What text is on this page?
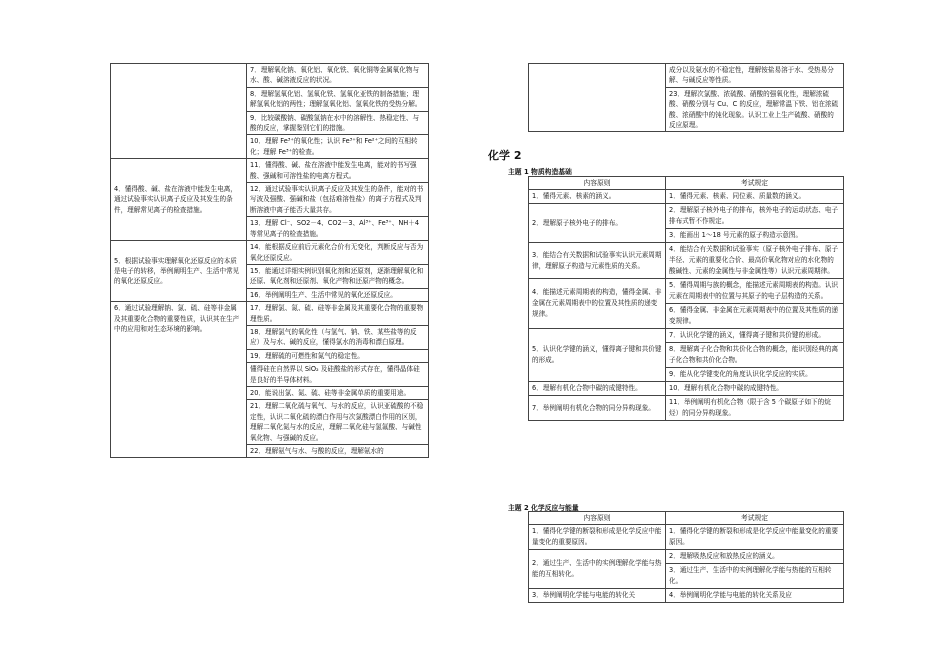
	7．理解氧化钠、氧化铝、氧化铁、氧化铜等金属氧化物与水、酸、碱溶液反应的状况。
	8．理解氢氧化铝、氢氧化铁、氢氧化亚铁的制备措施；理解氢氧化铝的两性；理解氢氧化铝、氢氧化铁的受热分解。
	9．比较碳酸钠、碳酸氢钠在水中的溶解性、热稳定性、与酸的反应，掌握鉴别它们的措施。
	10．理解 Fe³⁺的氧化性；认识 Fe³⁺和 Fe²⁺之间的互相转化；理解 Fe³⁺的检查。
4．懂得酸、碱、盐在溶液中能发生电离，通过试验事实认识离子反应及其发生的条件，理解常见离子的检查措施。	11．懂得酸、碱、盐在溶液中能发生电离，能对的书写强酸、强碱和可溶性盐的电离方程式。
	12．通过试验事实认识离子反应及其发生的条件，能对的书写波及强酸、强碱和盐（包括难溶性盐）的离子方程式及判断溶液中离子能否大量共存。
	13．理解 Cl⁻、SO2－4、CO2－3、Al³⁺、Fe³⁺、NH＋4 等常见离子的检查措施。
5．根据试验事实理解氧化还原反应的本质是电子的转移，举例阐明生产、生活中常见的氧化还原反应。	14．能根据反应前后元素化合价有无变化，判断反应与否为氧化还原反应。
	15．能通过详细实例识别氧化剂和还原剂，逐渐理解氧化和还原、氧化剂和还原剂、氧化产物和还原产物的概念。
	16．举例阐明生产、生活中常见的氧化还原反应。
6．通过试验理解钠、氯、硫、硅等非金属及其重要化合物的重要性质，认识其在生产中的应用和对生态环境的影响。	17．理解氯、氮、硫、硅等非金属及其重要化合物的重要物理性质。
	18．理解氯气的氧化性（与氢气、钠、铁、某些盐等的反应）及与水、碱的反应，懂得氯水的消毒和漂白原理。
	19．理解硫的可燃性和氮气的稳定性。
	懂得硅在自然界以 SiO₂ 及硅酸盐的形式存在，懂得晶体硅是良好的半导体材料。
	20．能说出氯、氮、硫、硅等非金属单质的重要用途。
	21．理解二氧化硫与氧气、与水的反应，认识亚硫酸的不稳定性，认识二氧化硫的漂白作用与次氯酸漂白作用的区别，理解二氧化氮与水的反应，理解二氧化硅与氢氟酸、与碱性氧化物、与强碱的反应。
	22．理解氨气与水、与酸的反应，理解氨水的
	成分以及氨水的不稳定性，理解铵盐易溶于水、受热易分解、与碱反应等性质。
23．理解次氯酸、浓硫酸、硝酸的强氧化性，理解浓硫酸、硝酸分别与 Cu、C 的反应，理解常温下铁、铝在浓硫酸、浓硝酸中的钝化现象。认识工业上生产硫酸、硝酸的反应原理。
化学 2
主题 1 物质构造基础
内容原则	考试规定
1．懂得元素、核素的涵义。	1．懂得元素、核素、同位素、质量数的涵义。
2．理解原子核外电子的排布。	2．理解原子核外电子的排布，核外电子的运动状态、电子排布式暂不作规定。
	3．能画出 1～18 号元素的原子构造示意图。
3．能结合有关数据和试验事实认识元素周期律，理解原子构造与元素性质的关系。	4．能结合有关数据和试验事实（原子核外电子排布、原子半径、元素的重要化合价、最高价氧化物对应的水化物的酸碱性、元素的金属性与非金属性等）认识元素周期律。
4．能描述元素周期表的构造，懂得金属、非金属在元素周期表中的位置及其性质的递变规律。	5．懂得周期与族的概念，能描述元素周期表的构造。认识元素在周期表中的位置与其原子的电子层构造的关系。
	6．懂得金属、非金属在元素周期表中的位置及其性质的递变规律。
5．认识化学键的涵义，懂得离子键和共价键的形成。	7．认识化学键的涵义，懂得离子键和共价键的形成。
	8．理解离子化合物和共价化合物的概念，能识别经典的离子化合物和共价化合物。
	9．能从化学键变化的角度认识化学反应的实质。
6．理解有机化合物中碳的成键特性。	10．理解有机化合物中碳的成键特性。
7．举例阐明有机化合物的同分异构现象。	11．举例阐明有机化合物（限于含 5 个碳原子如下的烷烃）的同分异构现象。
主题 2 化学反应与能量
内容原则	考试规定
1．懂得化学键的断裂和形成是化学反应中能量变化的重要原因。	1．懂得化学键的断裂和形成是化学反应中能量变化的重要原因。
2．通过生产、生活中的实例理解化学能与热能的互相转化。	2．理解吸热反应和放热反应的涵义。
	3．通过生产、生活中的实例理解化学能与热能的互相转化。
3．举例阐明化学能与电能的转化关	4．举例阐明化学能与电能的转化关系及应
